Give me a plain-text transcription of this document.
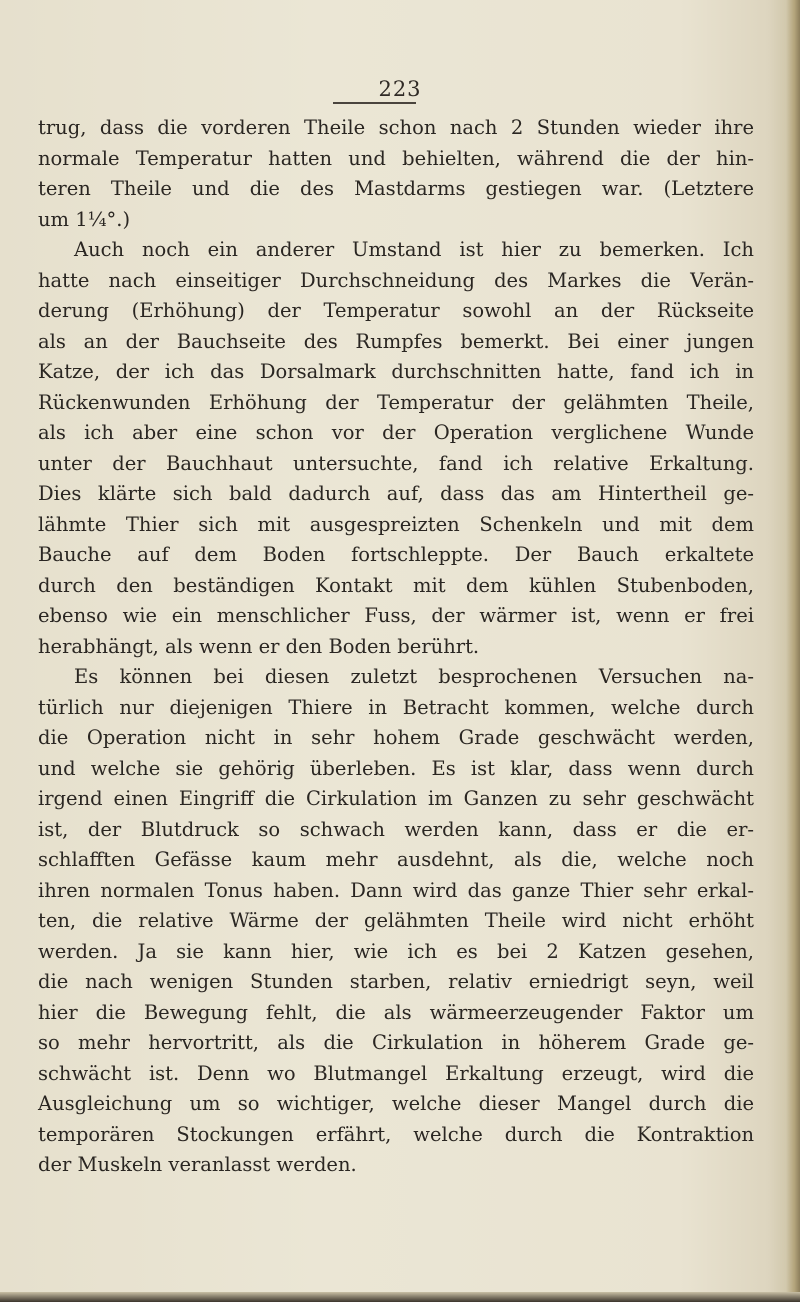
223
trug, dass die vorderen Theile schon nach 2 Stunden wieder ihre
normale Temperatur hatten und behielten, während die der hin-
teren Theile und die des Mastdarms gestiegen war. (Letztere
um 1¼°.)
Auch noch ein anderer Umstand ist hier zu bemerken. Ich
hatte nach einseitiger Durchschneidung des Markes die Verän-
derung (Erhöhung) der Temperatur sowohl an der Rückseite
als an der Bauchseite des Rumpfes bemerkt. Bei einer jungen
Katze, der ich das Dorsalmark durchschnitten hatte, fand ich in
Rückenwunden Erhöhung der Temperatur der gelähmten Theile,
als ich aber eine schon vor der Operation verglichene Wunde
unter der Bauchhaut untersuchte, fand ich relative Erkaltung.
Dies klärte sich bald dadurch auf, dass das am Hintertheil ge-
lähmte Thier sich mit ausgespreizten Schenkeln und mit dem
Bauche auf dem Boden fortschleppte. Der Bauch erkaltete
durch den beständigen Kontakt mit dem kühlen Stubenboden,
ebenso wie ein menschlicher Fuss, der wärmer ist, wenn er frei
herabhängt, als wenn er den Boden berührt.
Es können bei diesen zuletzt besprochenen Versuchen na-
türlich nur diejenigen Thiere in Betracht kommen, welche durch
die Operation nicht in sehr hohem Grade geschwächt werden,
und welche sie gehörig überleben. Es ist klar, dass wenn durch
irgend einen Eingriff die Cirkulation im Ganzen zu sehr geschwächt
ist, der Blutdruck so schwach werden kann, dass er die er-
schlafften Gefässe kaum mehr ausdehnt, als die, welche noch
ihren normalen Tonus haben. Dann wird das ganze Thier sehr erkal-
ten, die relative Wärme der gelähmten Theile wird nicht erhöht
werden. Ja sie kann hier, wie ich es bei 2 Katzen gesehen,
die nach wenigen Stunden starben, relativ erniedrigt seyn, weil
hier die Bewegung fehlt, die als wärmeerzeugender Faktor um
so mehr hervortritt, als die Cirkulation in höherem Grade ge-
schwächt ist. Denn wo Blutmangel Erkaltung erzeugt, wird die
Ausgleichung um so wichtiger, welche dieser Mangel durch die
temporären Stockungen erfährt, welche durch die Kontraktion
der Muskeln veranlasst werden.
